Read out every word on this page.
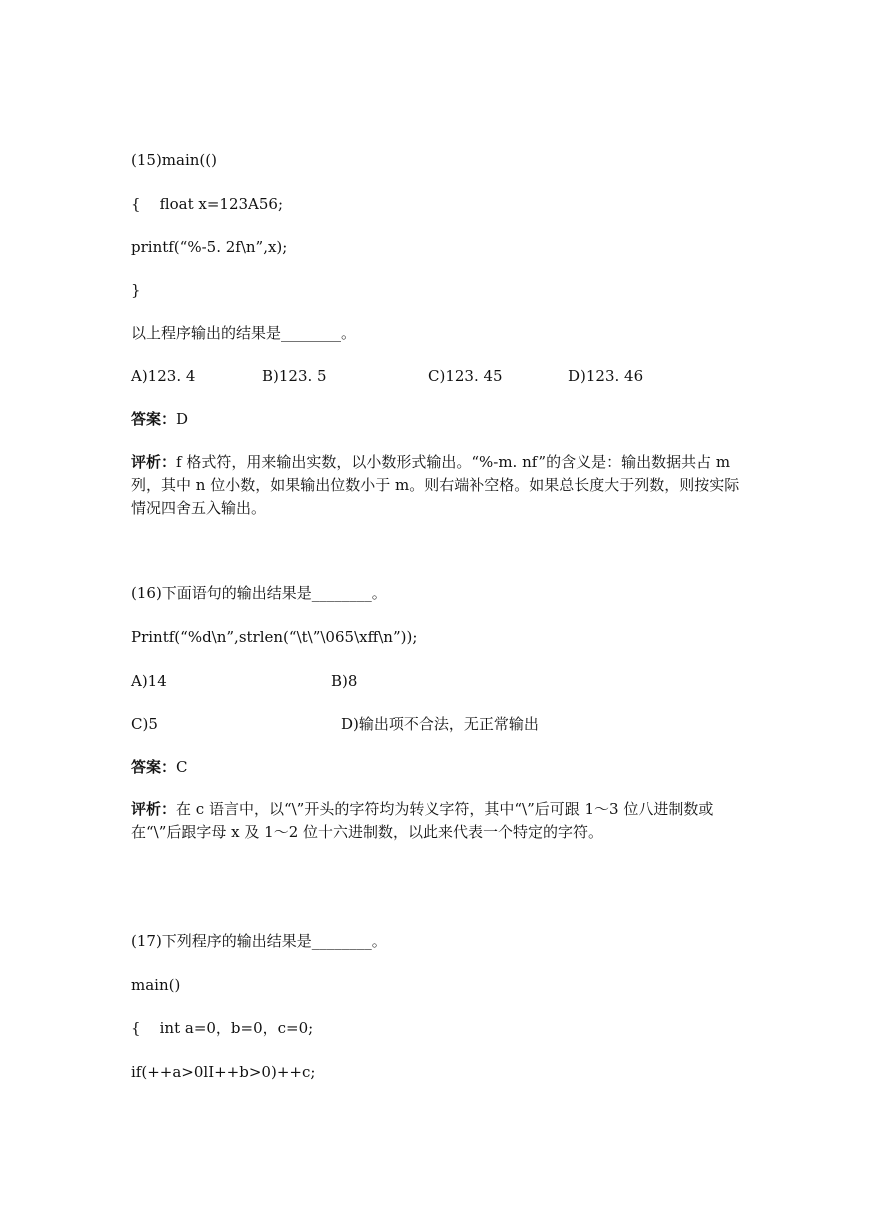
(15)main(()
{    float x=123A56;
printf(“%-5. 2f\n”,x);
}
以上程序输出的结果是________。
A)123. 4	B)123. 5	C)123. 45	D)123. 46
答案：D
评析：f 格式符，用来输出实数，以小数形式输出。“%-m. nf”的含义是：输出数据共占 m 列，其中 n 位小数，如果输出位数小于 m。则右端补空格。如果总长度大于列数，则按实际情况四舍五入输出。
(16)下面语句的输出结果是________。
Printf(“%d\n”,strlen(“\t\”\065\xff\n”));
A)14	B)8
C)5	D)输出项不合法，无正常输出
答案：C
评析：在 c 语言中，以“\”开头的字符均为转义字符，其中“\”后可跟 1～3 位八进制数或在“\”后跟字母 x 及 1～2 位十六进制数，以此来代表一个特定的字符。
(17)下列程序的输出结果是________。
main()
{    int a=0，b=0，c=0;
if(++a>0lI++b>0)++c;
